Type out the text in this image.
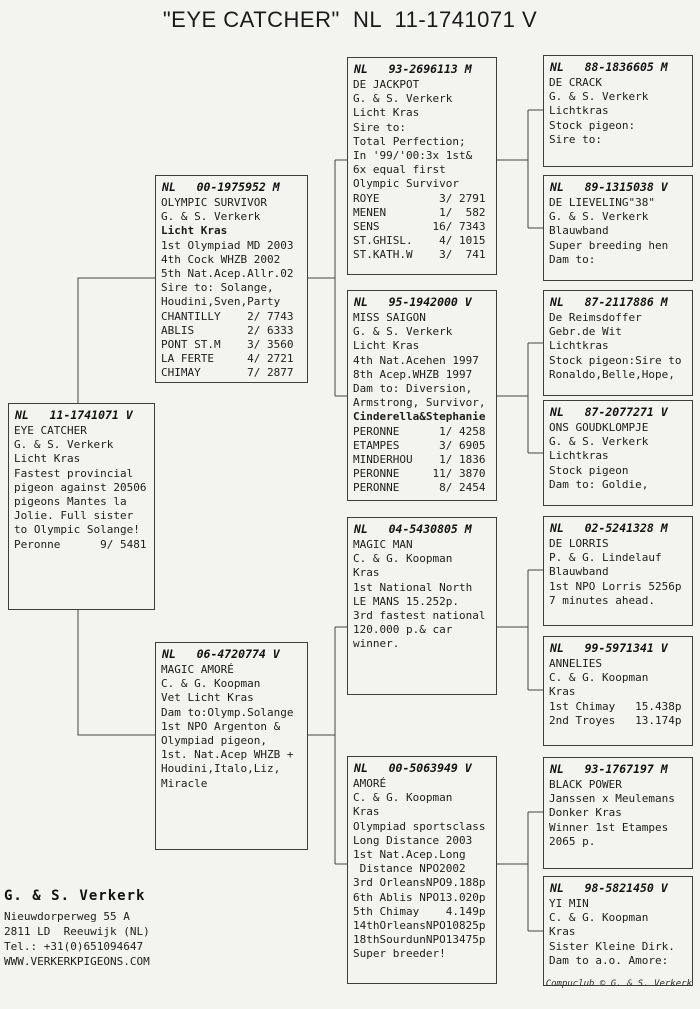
"EYE CATCHER"  NL  11-1741071 V
NL   11-1741071 V
EYE CATCHER
G. & S. Verkerk
Licht Kras
Fastest provincial
pigeon against 20506
pigeons Mantes la
Jolie. Full sister
to Olympic Solange!
Peronne      9/ 5481
NL   00-1975952 M
OLYMPIC SURVIVOR
G. & S. Verkerk
Licht Kras
1st Olympiad MD 2003
4th Cock WHZB 2002
5th Nat.Acep.Allr.02
Sire to: Solange,
Houdini,Sven,Party
CHANTILLY    2/ 7743
ABLIS        2/ 6333
PONT ST.M    3/ 3560
LA FERTE     4/ 2721
CHIMAY       7/ 2877
NL   06-4720774 V
MAGIC AMORÉ
C. & G. Koopman
Vet Licht Kras
Dam to:Olymp.Solange
1st NPO Argenton &
Olympiad pigeon,
1st. Nat.Acep WHZB +
Houdini,Italo,Liz,
Miracle
NL   93-2696113 M
DE JACKPOT
G. & S. Verkerk
Licht Kras
Sire to:
Total Perfection;
In '99/'00:3x 1st&
6x equal first
Olympic Survivor
ROYE         3/ 2791
MENEN        1/  582
SENS        16/ 7343
ST.GHISL.    4/ 1015
ST.KATH.W    3/  741
NL   95-1942000 V
MISS SAIGON
G. & S. Verkerk
Licht Kras
4th Nat.Acehen 1997
8th Acep.WHZB 1997
Dam to: Diversion,
Armstrong, Survivor,
Cinderella&Stephanie
PERONNE      1/ 4258
ETAMPES      3/ 6905
MINDERHOU    1/ 1836
PERONNE     11/ 3870
PERONNE      8/ 2454
NL   04-5430805 M
MAGIC MAN
C. & G. Koopman
Kras
1st National North
LE MANS 15.252p.
3rd fastest national
120.000 p.& car
winner.
NL   00-5063949 V
AMORÉ
C. & G. Koopman
Kras
Olympiad sportsclass
Long Distance 2003
1st Nat.Acep.Long
Distance NPO2002
3rd OrleansNPO9.188p
6th Ablis NPO13.020p
5th Chimay    4.149p
14thOrleansNPO10825p
18thSourdunNPO13475p
Super breeder!
NL   88-1836605 M
DE CRACK
G. & S. Verkerk
Lichtkras
Stock pigeon:
Sire to:
NL   89-1315038 V
DE LIEVELING"38"
G. & S. Verkerk
Blauwband
Super breeding hen
Dam to:
NL   87-2117886 M
De Reimsdoffer
Gebr.de Wit
Lichtkras
Stock pigeon:Sire to
Ronaldo,Belle,Hope,
NL   87-2077271 V
ONS GOUDKLOMPJE
G. & S. Verkerk
Lichtkras
Stock pigeon
Dam to: Goldie,
NL   02-5241328 M
DE LORRIS
P. & G. Lindelauf
Blauwband
1st NPO Lorris 5256p
7 minutes ahead.
NL   99-5971341 V
ANNELIES
C. & G. Koopman
Kras
1st Chimay   15.438p
2nd Troyes   13.174p
NL   93-1767197 M
BLACK POWER
Janssen x Meulemans
Donker Kras
Winner 1st Etampes
2065 p.
NL   98-5821450 V
YI MIN
C. & G. Koopman
Kras
Sister Kleine Dirk.
Dam to a.o. Amore:
G. & S. Verkerk
Nieuwdorperweg 55 A
2811 LD  Reeuwijk (NL)
Tel.: +31(0)651094647
WWW.VERKERKPIGEONS.COM
Compuclub © G. & S. Verkerk
